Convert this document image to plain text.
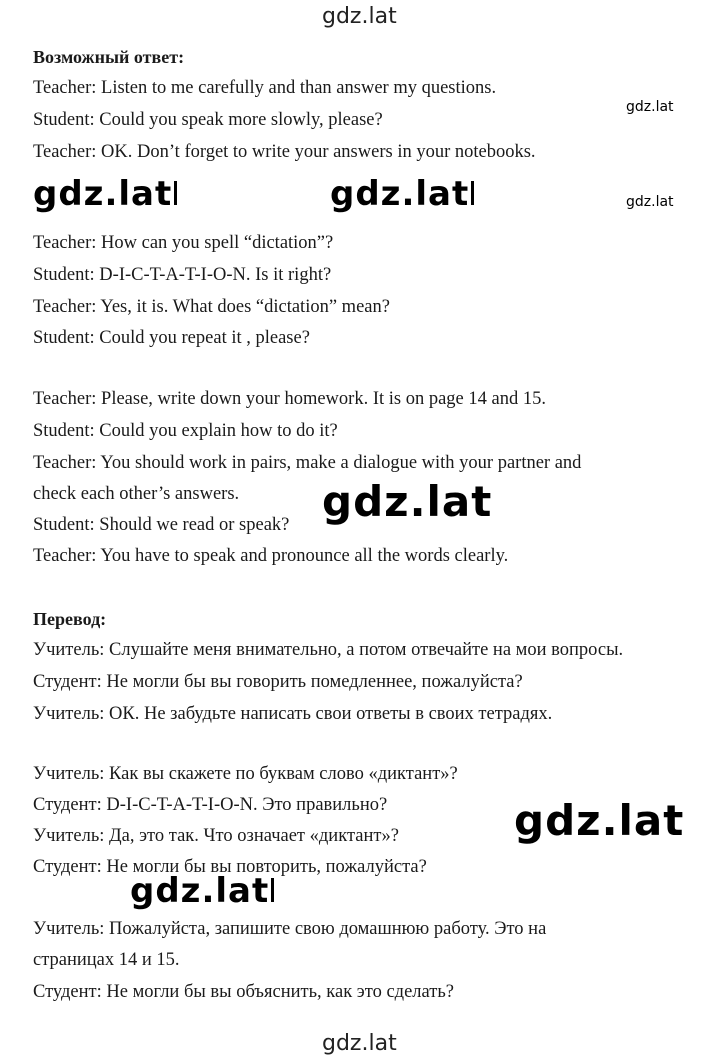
gdz.lat
Возможный ответ:
Teacher: Listen to me carefully and than answer my questions.
Student: Could you speak more slowly, please?
Teacher: OK. Don’t forget to write your answers in your notebooks.
gdz.lat
gdz.lat	gdz.lat	gdz.lat
Teacher: How can you spell “dictation”?
Student: D-I-C-T-A-T-I-O-N. Is it right?
Teacher: Yes, it is. What does “dictation” mean?
Student: Could you repeat it , please?
Teacher: Please, write down your homework. It is on page 14 and 15.
Student: Could you explain how to do it?
Teacher: You should work in pairs, make a dialogue with your partner and
check each other’s answers.
Student: Should we read or speak?
Teacher: You have to speak and pronounce all the words clearly.
gdz.lat
Перевод:
Учитель: Слушайте меня внимательно, а потом отвечайте на мои вопросы.
Студент: Не могли бы вы говорить помедленнее, пожалуйста?
Учитель: ОК. Не забудьте написать свои ответы в своих тетрадях.
Учитель: Как вы скажете по буквам слово «диктант»?
Студент: D-I-C-T-A-T-I-O-N. Это правильно?
Учитель: Да, это так. Что означает «диктант»?
Студент: Не могли бы вы повторить, пожалуйста?
gdz.lat
gdz.lat
Учитель: Пожалуйста, запишите свою домашнюю работу. Это на
страницах 14 и 15.
Студент: Не могли бы вы объяснить, как это сделать?
gdz.lat
